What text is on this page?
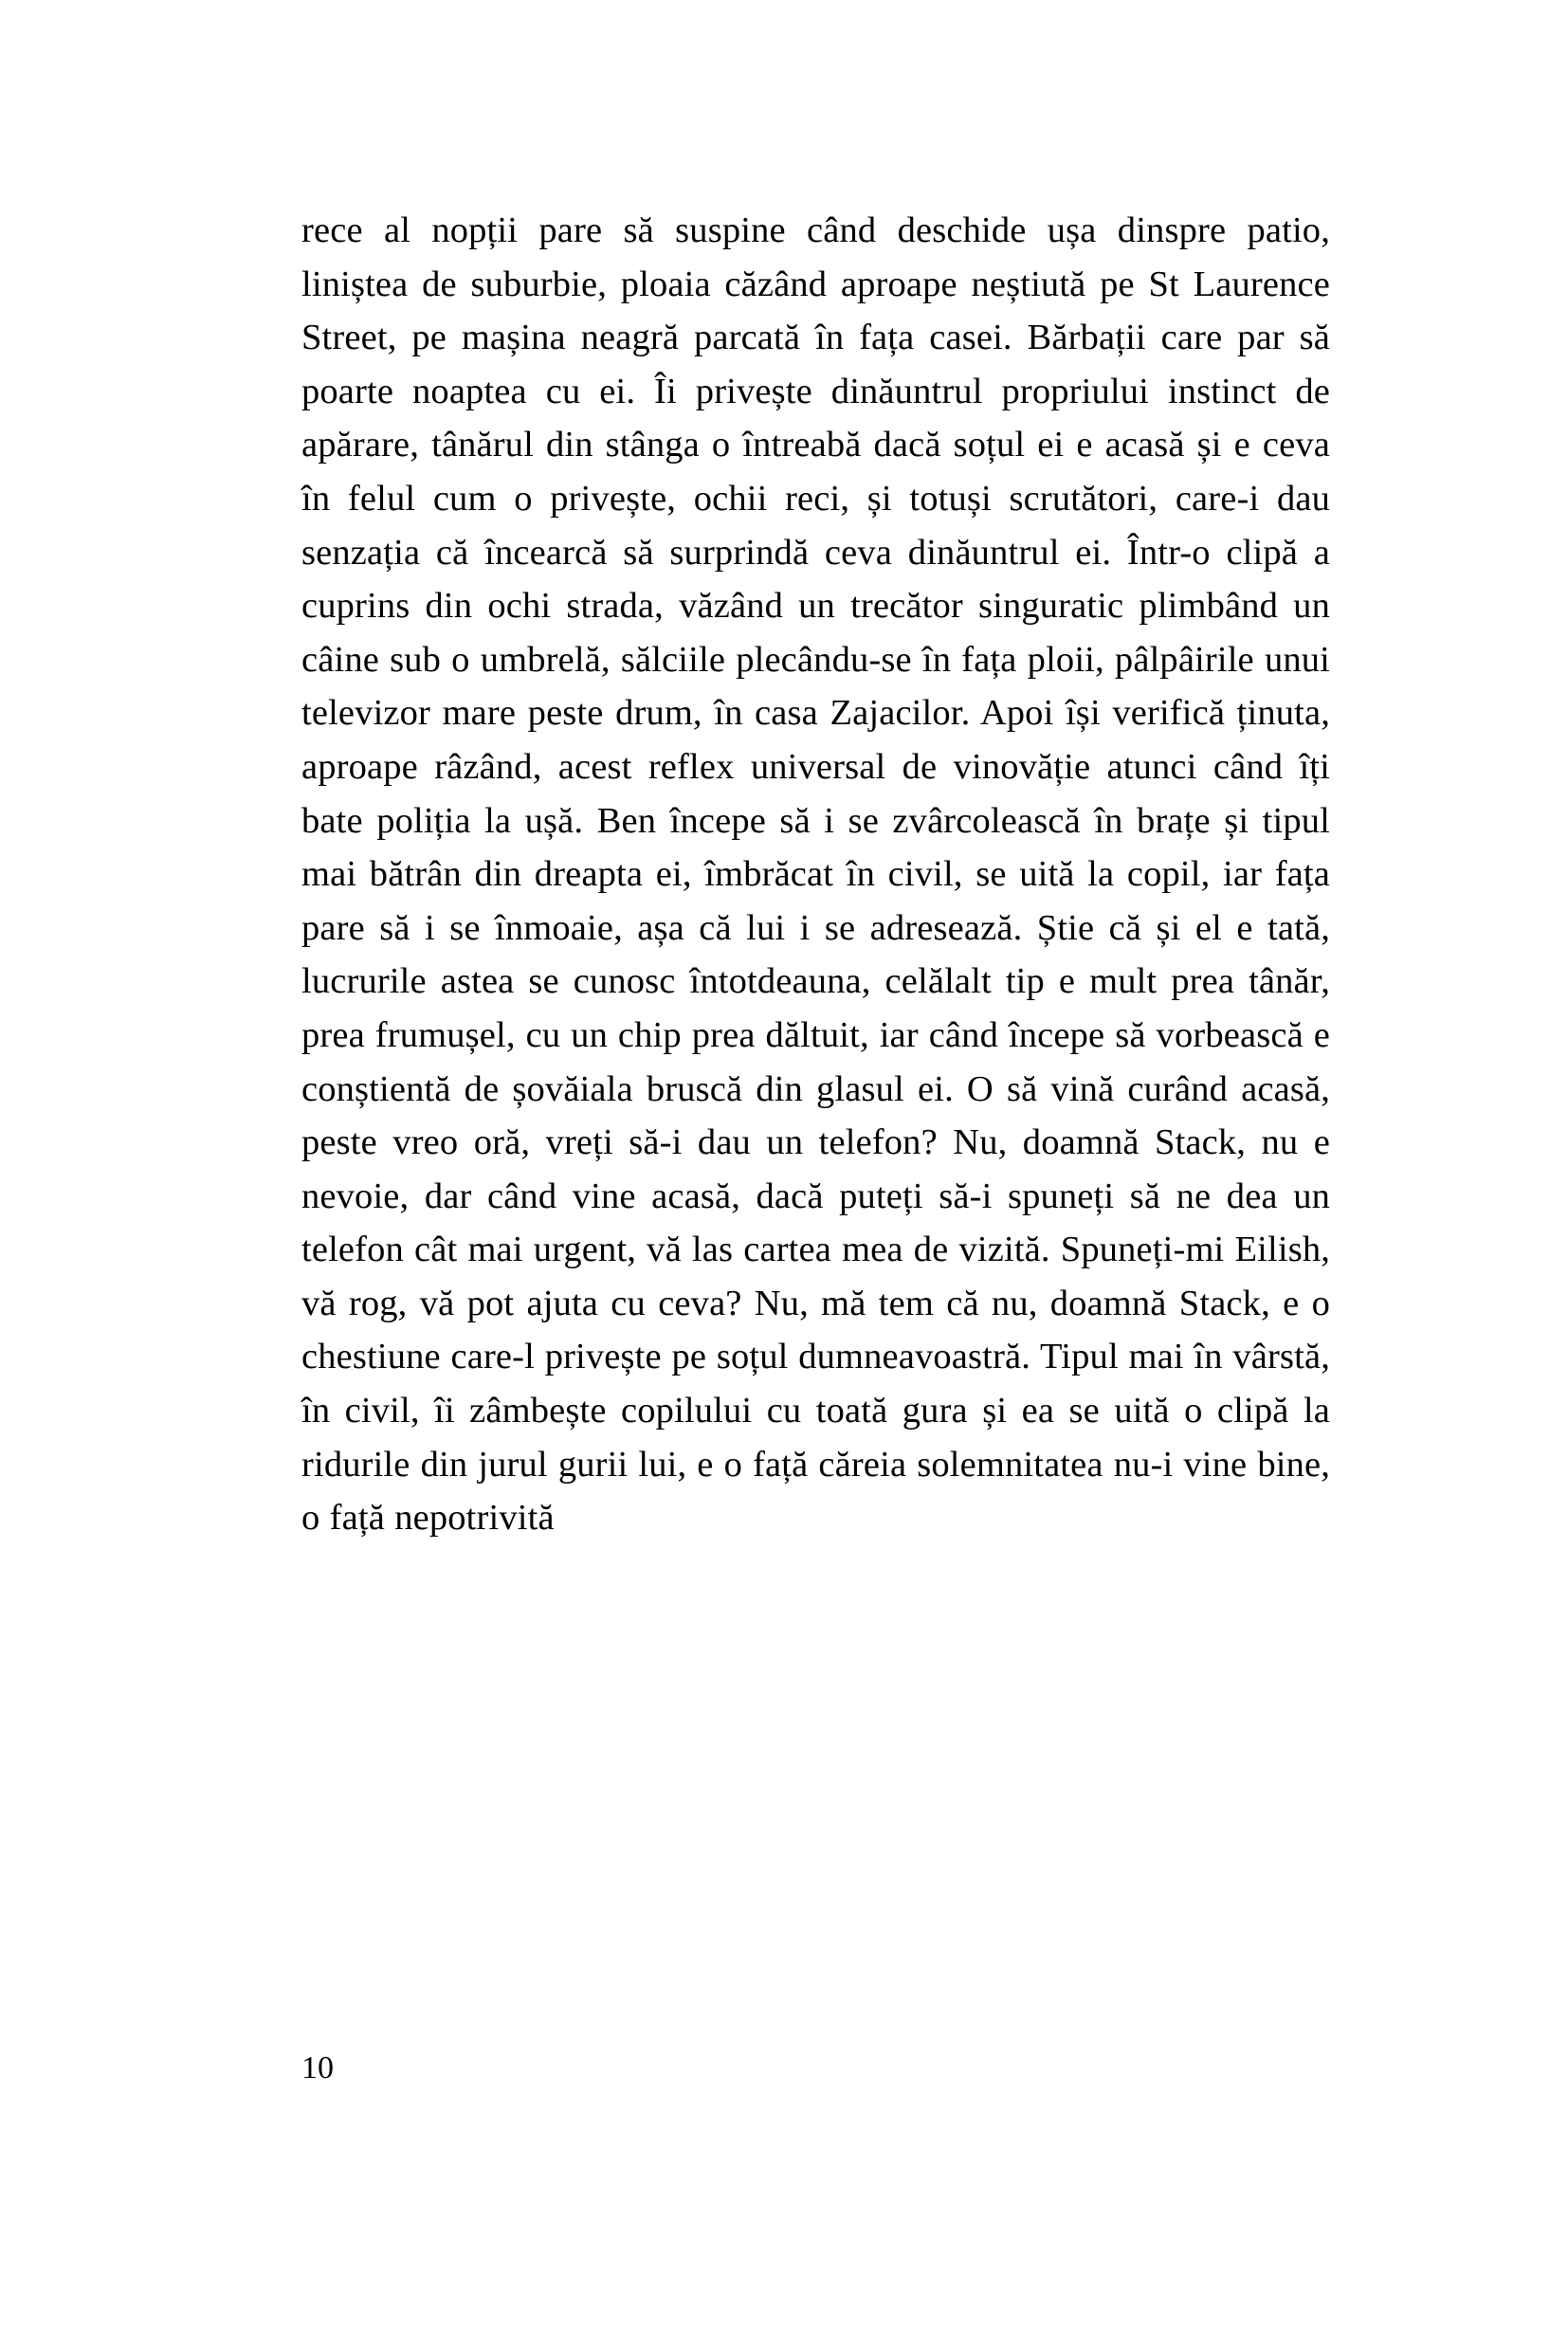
rece al nopții pare să suspine când deschide ușa dinspre patio, liniștea de suburbie, ploaia căzând aproape neștiută pe St Laurence Street, pe mașina neagră parcată în fața casei. Bărbații care par să poarte noaptea cu ei. Îi privește dinăuntrul propriului instinct de apărare, tânărul din stânga o întreabă dacă soțul ei e acasă și e ceva în felul cum o privește, ochii reci, și totuși scrutători, care-i dau senzația că încearcă să surprindă ceva dinăuntrul ei. Într-o clipă a cuprins din ochi strada, văzând un trecător singuratic plimbând un câine sub o umbrelă, sălciile plecându-se în fața ploii, pâlpâirile unui televizor mare peste drum, în casa Zajacilor. Apoi își verifică ținuta, aproape râzând, acest reflex universal de vinovăție atunci când îți bate poliția la ușă. Ben începe să i se zvârcolească în brațe și tipul mai bătrân din dreapta ei, îmbrăcat în civil, se uită la copil, iar fața pare să i se înmoaie, așa că lui i se adresează. Știe că și el e tată, lucrurile astea se cunosc întotdeauna, celălalt tip e mult prea tânăr, prea frumușel, cu un chip prea dăltuit, iar când începe să vorbească e conștientă de șovăiala bruscă din glasul ei. O să vină curând acasă, peste vreo oră, vreți să-i dau un telefon? Nu, doamnă Stack, nu e nevoie, dar când vine acasă, dacă puteți să-i spuneți să ne dea un telefon cât mai urgent, vă las cartea mea de vizită. Spuneți-mi Eilish, vă rog, vă pot ajuta cu ceva? Nu, mă tem că nu, doamnă Stack, e o chestiune care-l privește pe soțul dumneavoastră. Tipul mai în vârstă, în civil, îi zâmbește copilului cu toată gura și ea se uită o clipă la ridurile din jurul gurii lui, e o față căreia solemnitatea nu-i vine bine, o față nepotrivită

10
